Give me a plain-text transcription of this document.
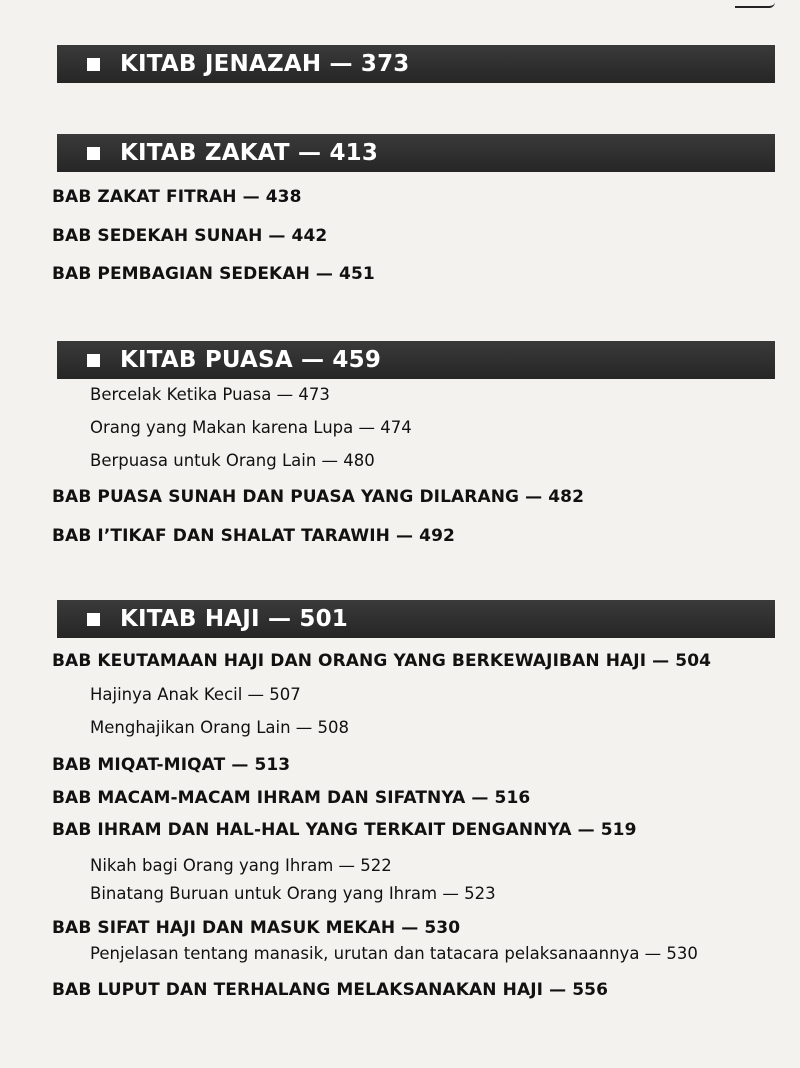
KITAB JENAZAH — 373
KITAB ZAKAT — 413
BAB ZAKAT FITRAH — 438
BAB SEDEKAH SUNAH — 442
BAB PEMBAGIAN SEDEKAH — 451
KITAB PUASA — 459
Bercelak Ketika Puasa — 473
Orang yang Makan karena Lupa — 474
Berpuasa untuk Orang Lain — 480
BAB PUASA SUNAH DAN PUASA YANG DILARANG — 482
BAB I’TIKAF DAN SHALAT TARAWIH — 492
KITAB HAJI — 501
BAB KEUTAMAAN HAJI DAN ORANG YANG BERKEWAJIBAN HAJI — 504
Hajinya Anak Kecil — 507
Menghajikan Orang Lain — 508
BAB MIQAT-MIQAT — 513
BAB MACAM-MACAM IHRAM DAN SIFATNYA — 516
BAB IHRAM DAN HAL-HAL YANG TERKAIT DENGANNYA — 519
Nikah bagi Orang yang Ihram — 522
Binatang Buruan untuk Orang yang Ihram — 523
BAB SIFAT HAJI DAN MASUK MEKAH — 530
Penjelasan tentang manasik, urutan dan tatacara pelaksanaannya — 530
BAB LUPUT DAN TERHALANG MELAKSANAKAN HAJI — 556
